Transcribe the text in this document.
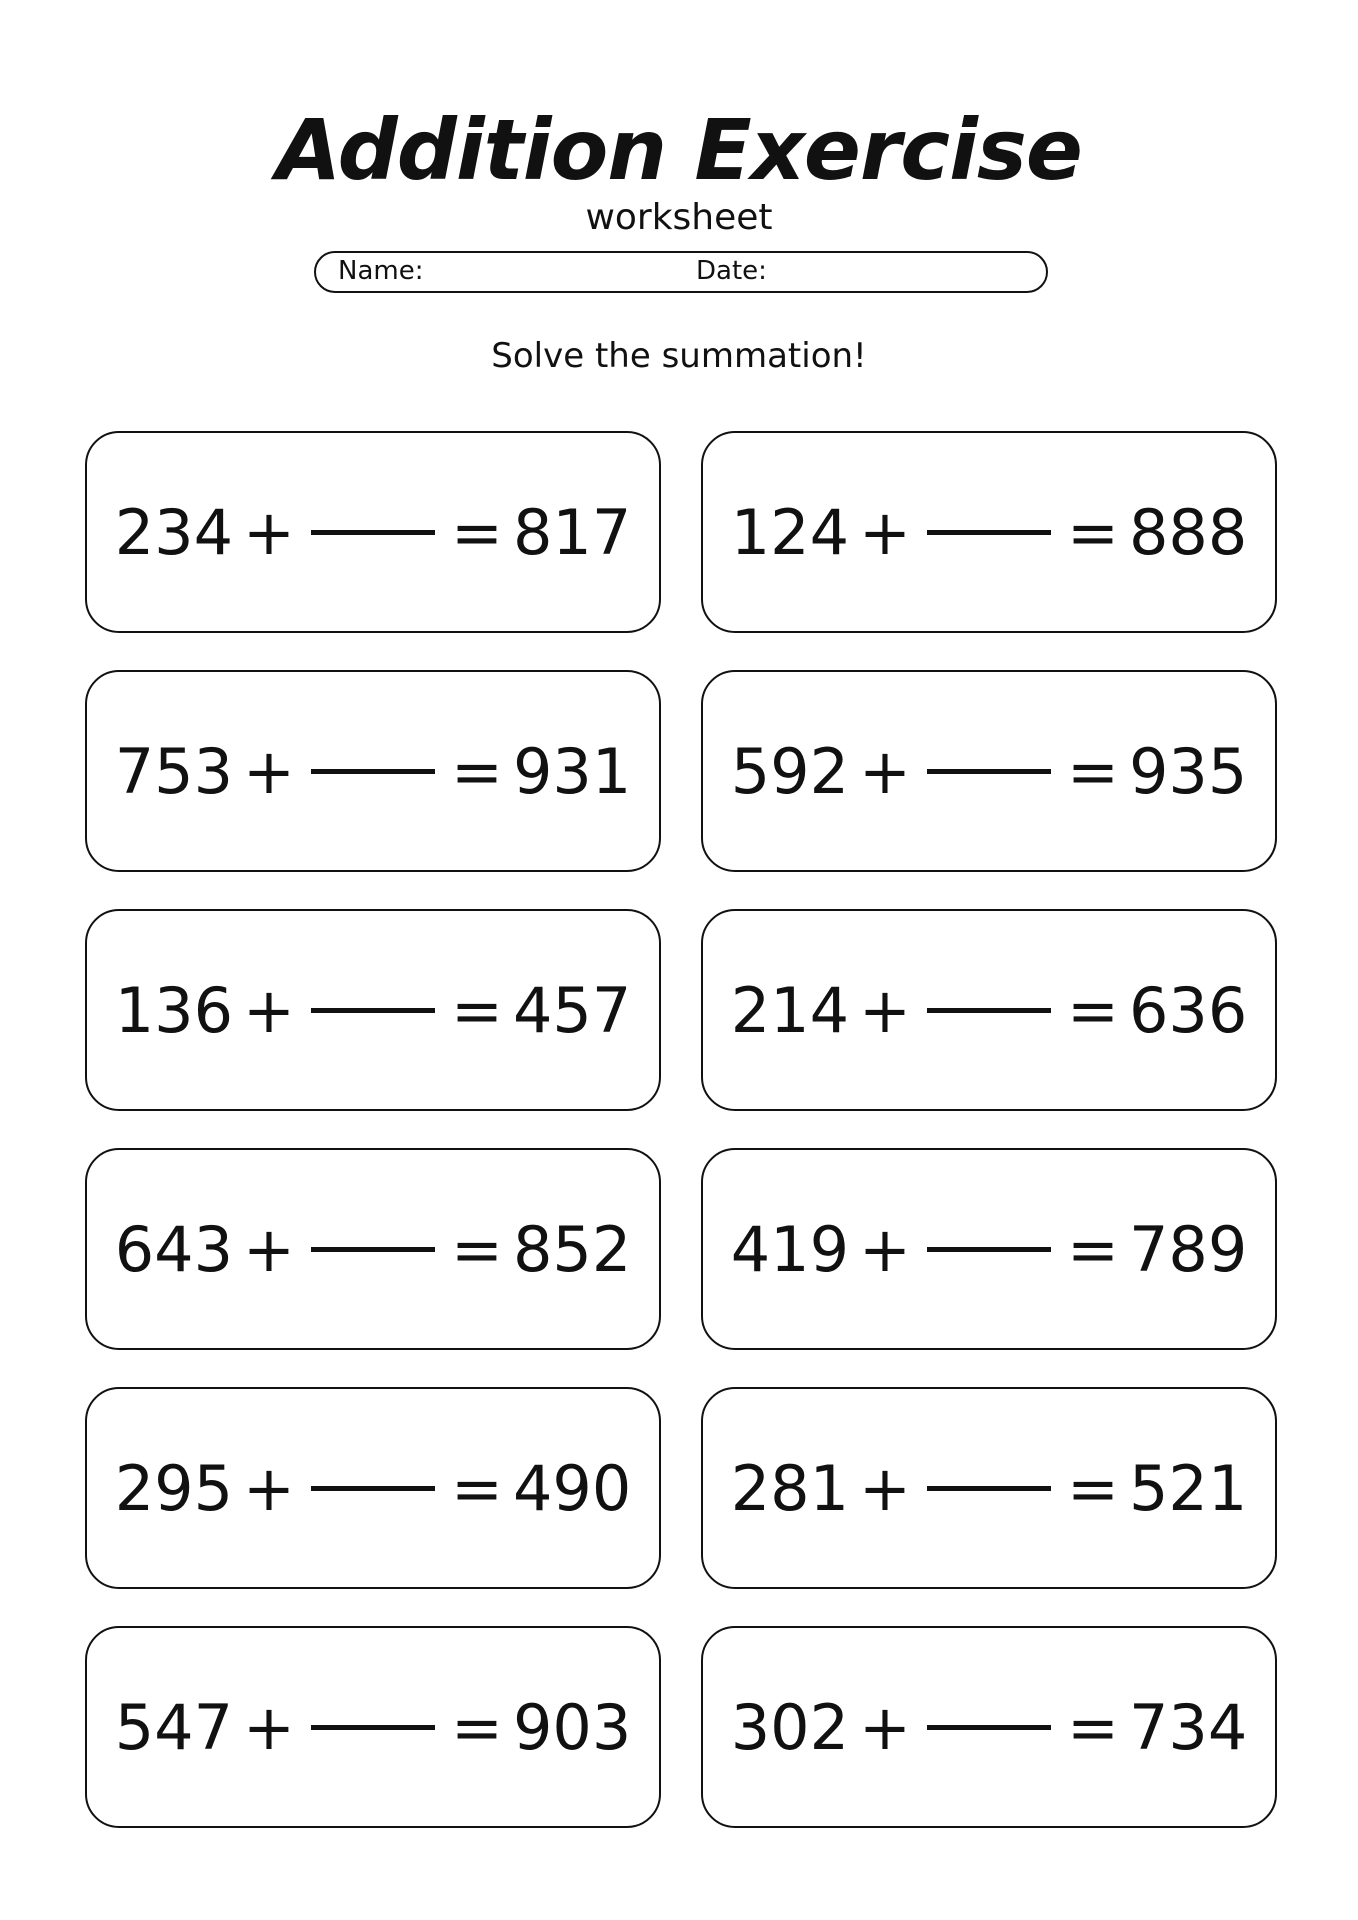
Addition Exercise
worksheet
Name:	Date:
Solve the summation!
234 +	= 817 124 +	= 888
753 +	= 931 592 +	= 935
136 +	= 457 214 +	= 636
643 +	= 852 419 +	= 789
295 +	= 490 281 +	= 521
547 +	= 903 302 +	= 734
